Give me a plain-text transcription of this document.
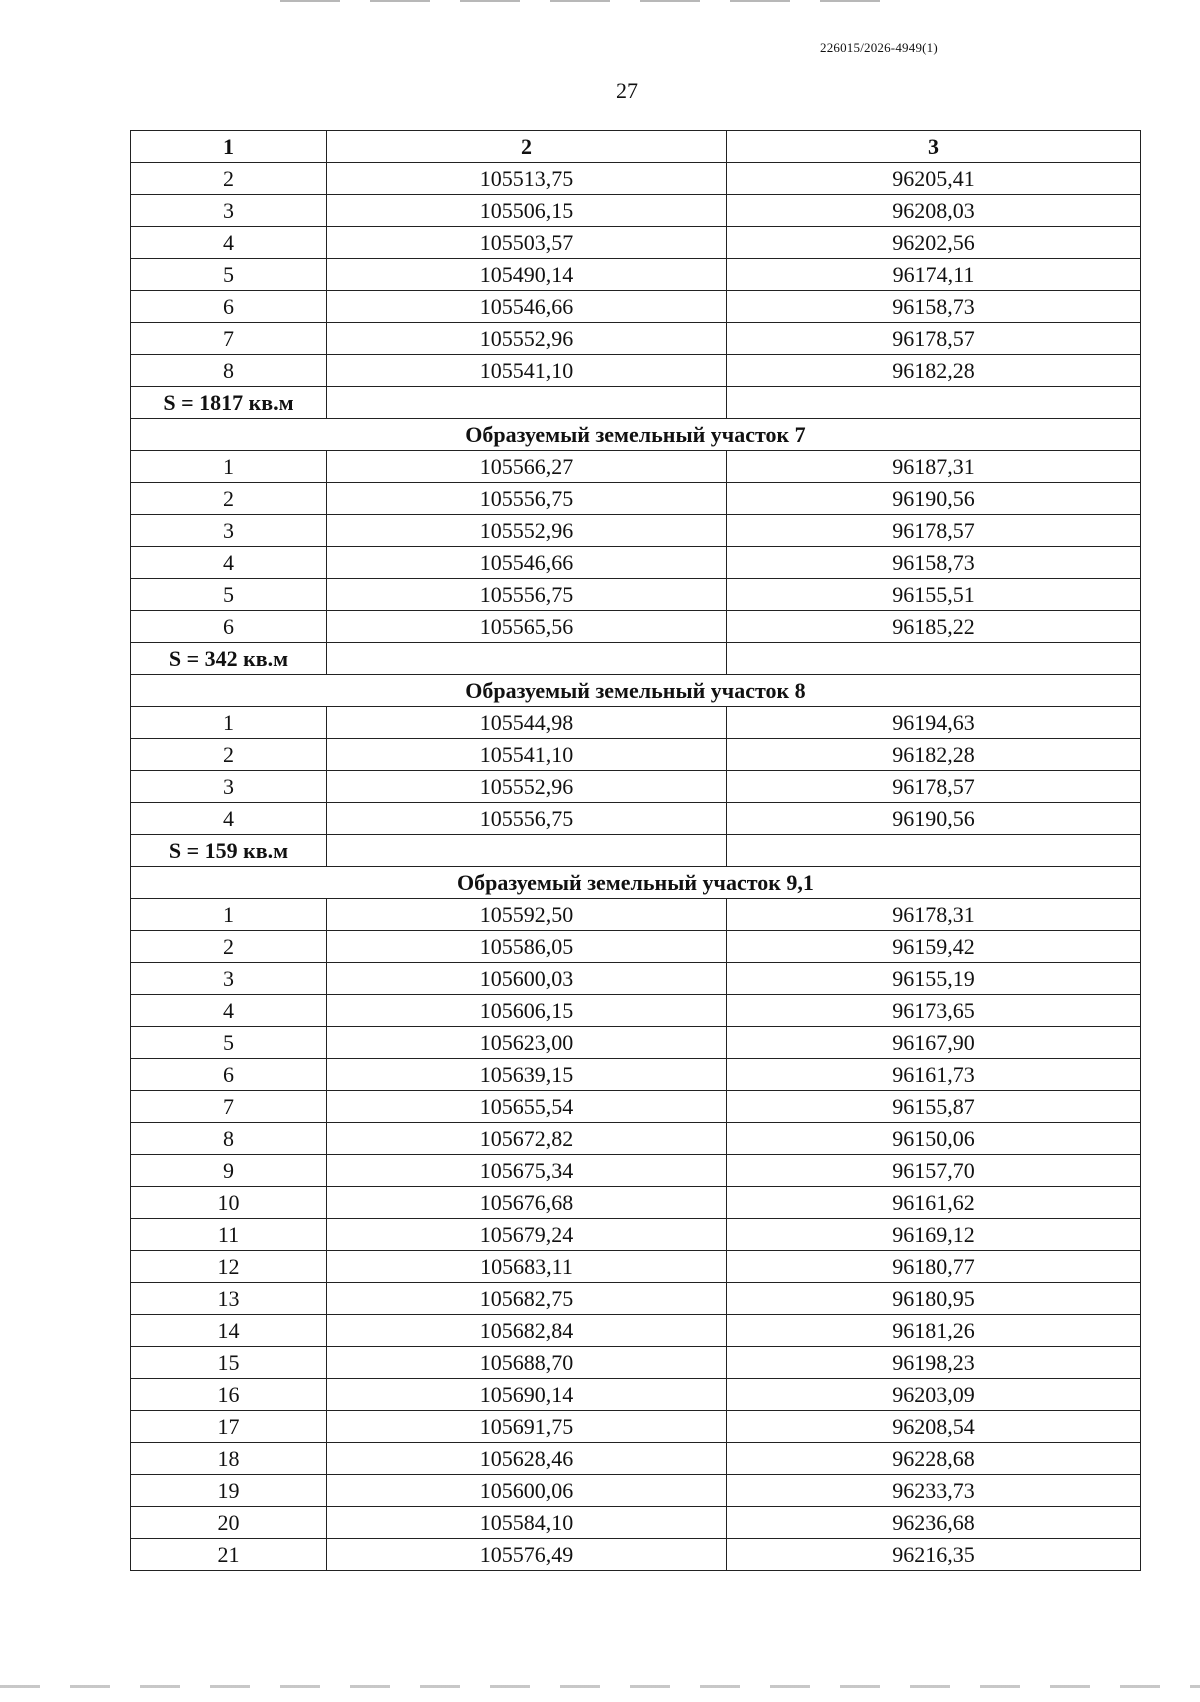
226015/2026-4949(1)
27
1	2	3
2	105513,75	96205,41
3	105506,15	96208,03
4	105503,57	96202,56
5	105490,14	96174,11
6	105546,66	96158,73
7	105552,96	96178,57
8	105541,10	96182,28
S = 1817 кв.м		
Образуемый земельный участок 7		
1	105566,27	96187,31
2	105556,75	96190,56
3	105552,96	96178,57
4	105546,66	96158,73
5	105556,75	96155,51
6	105565,56	96185,22
S = 342 кв.м		
Образуемый земельный участок 8		
1	105544,98	96194,63
2	105541,10	96182,28
3	105552,96	96178,57
4	105556,75	96190,56
S = 159 кв.м		
Образуемый земельный участок 9,1		
1	105592,50	96178,31
2	105586,05	96159,42
3	105600,03	96155,19
4	105606,15	96173,65
5	105623,00	96167,90
6	105639,15	96161,73
7	105655,54	96155,87
8	105672,82	96150,06
9	105675,34	96157,70
10	105676,68	96161,62
11	105679,24	96169,12
12	105683,11	96180,77
13	105682,75	96180,95
14	105682,84	96181,26
15	105688,70	96198,23
16	105690,14	96203,09
17	105691,75	96208,54
18	105628,46	96228,68
19	105600,06	96233,73
20	105584,10	96236,68
21	105576,49	96216,35
